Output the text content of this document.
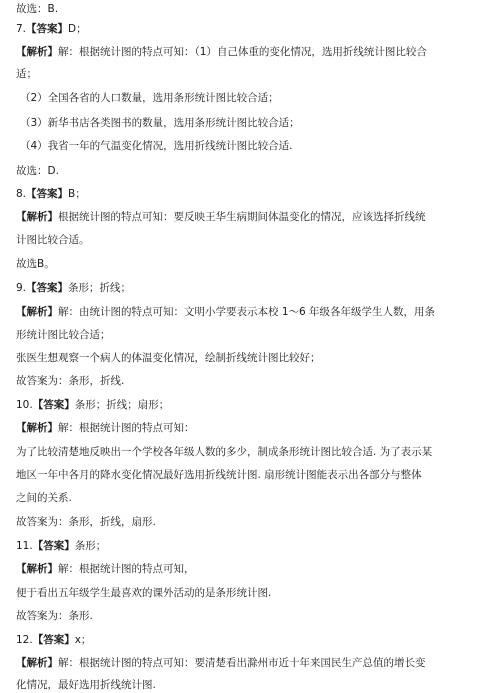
故选：B.
7.【答案】D；
【解析】解：根据统计图的特点可知：（1）自己体重的变化情况，选用折线统计图比较合
适；
（2）全国各省的人口数量，选用条形统计图比较合适；
（3）新华书店各类图书的数量，选用条形统计图比较合适；
（4）我省一年的气温变化情况，选用折线统计图比较合适.
故选：D.
8.【答案】B；
【解析】根据统计图的特点可知：要反映王华生病期间体温变化的情况，应该选择折线统
计图比较合适。
故选B。
9.【答案】条形；折线；
【解析】解：由统计图的特点可知：文明小学要表示本校 1～6 年级各年级学生人数，用条
形统计图比较合适；
张医生想观察一个病人的体温变化情况，绘制折线统计图比较好；
故答案为：条形，折线.
10.【答案】条形；折线；扇形；
【解析】解：根据统计图的特点可知：
为了比较清楚地反映出一个学校各年级人数的多少，制成条形统计图比较合适. 为了表示某
地区一年中各月的降水变化情况最好选用折线统计图. 扇形统计图能表示出各部分与整体
之间的关系.
故答案为：条形，折线，扇形.
11.【答案】条形；
【解析】解：根据统计图的特点可知，
便于看出五年级学生最喜欢的课外活动的是条形统计图.
故答案为：条形.
12.【答案】x；
【解析】解：根据统计图的特点可知：要清楚看出滁州市近十年来国民生产总值的增长变
化情况，最好选用折线统计图.
